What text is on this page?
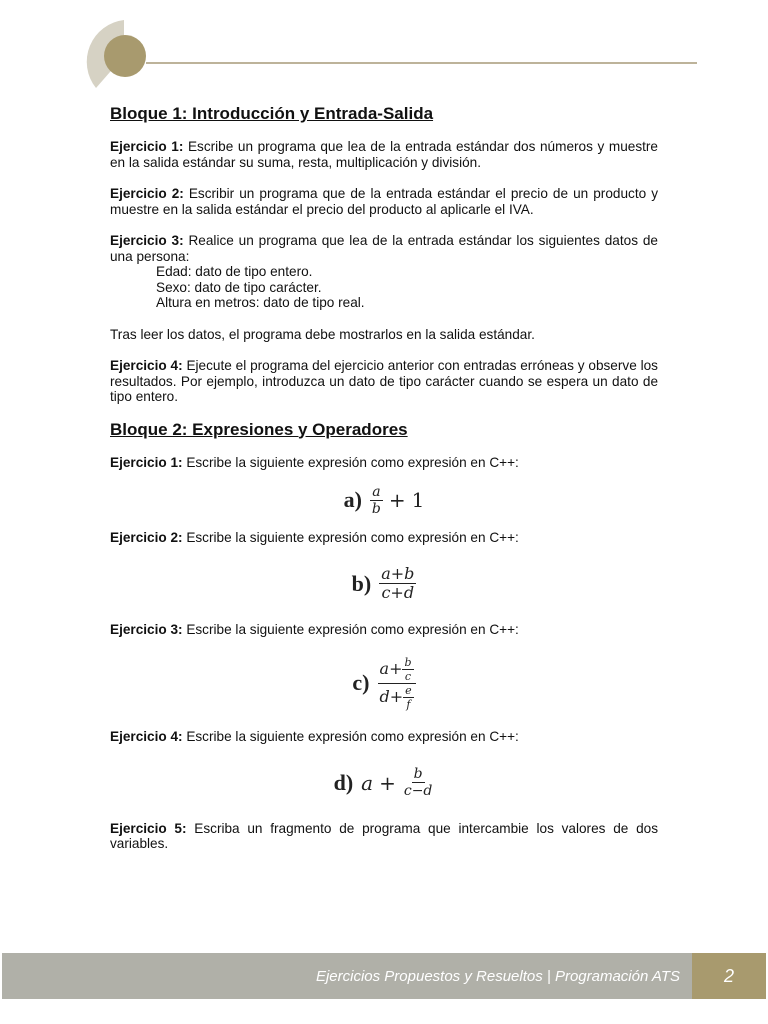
Bloque 1: Introducción y Entrada-Salida

Ejercicio 1: Escribe un programa que lea de la entrada estándar dos números y muestre en la salida estándar su suma, resta, multiplicación y división.

Ejercicio 2: Escribir un programa que de la entrada estándar el precio de un producto y muestre en la salida estándar el precio del producto al aplicarle el IVA.

Ejercicio 3: Realice un programa que lea de la entrada estándar los siguientes datos de una persona:

Edad: dato de tipo entero.

Sexo: dato de tipo carácter.

Altura en metros: dato de tipo real.

Tras leer los datos, el programa debe mostrarlos en la salida estándar.

Ejercicio 4: Ejecute el programa del ejercicio anterior con entradas erróneas y observe los resultados. Por ejemplo, introduzca un dato de tipo carácter cuando se espera un dato de tipo entero.

Bloque 2: Expresiones y Operadores

Ejercicio 1: Escribe la siguiente expresión como expresión en C++:

$a) \frac{a}{b} + 1$

Ejercicio 2: Escribe la siguiente expresión como expresión en C++:

$b) \frac{a+b}{c+d}$

Ejercicio 3: Escribe la siguiente expresión como expresión en C++:

$c) \frac{a+ \frac{b}{c}}{d+ \frac{e}{f}}$

Ejercicio 4: Escribe la siguiente expresión como expresión en C++:

d) $a + \frac{b}{c-d}$

Ejercicio 5: Escriba un fragmento de programa que intercambie los valores de dos variables.

Ejercicios Propuestos y Resueltos | Programación ATS	2
